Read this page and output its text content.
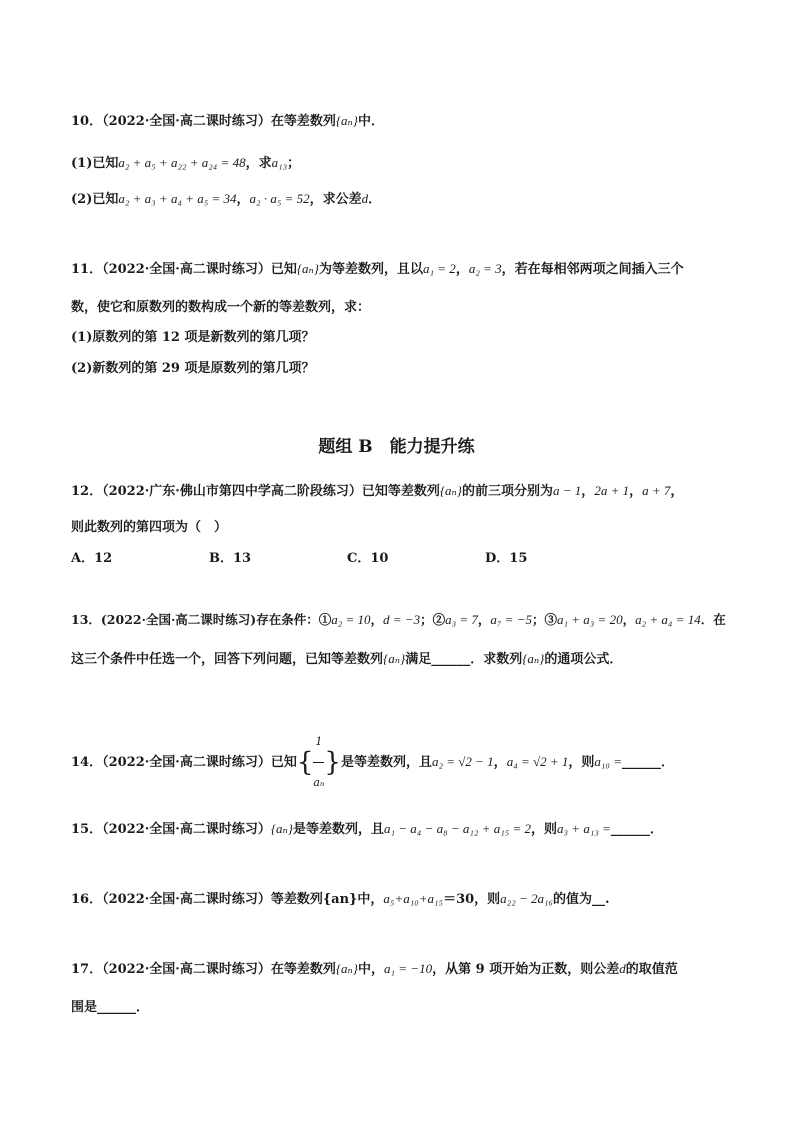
10．（2022·全国·高二课时练习）在等差数列{aₙ}中．
(1)已知a₂ + a₅ + a₂₂ + a₂₄ = 48，求a₁₃；
(2)已知a₂ + a₃ + a₄ + a₅ = 34，a₂ · a₅ = 52，求公差d．
11．（2022·全国·高二课时练习）已知{aₙ}为等差数列，且以a₁ = 2，a₂ = 3，若在每相邻两项之间插入三个
数，使它和原数列的数构成一个新的等差数列，求：
(1)原数列的第 12 项是新数列的第几项？
(2)新数列的第 29 项是原数列的第几项？
题组 B　能力提升练
12．（2022·广东·佛山市第四中学高二阶段练习）已知等差数列{aₙ}的前三项分别为a − 1，2a + 1，a + 7，
则此数列的第四项为（　）
A．12	B．13	C．10	D．15
13．(2022·全国·高二课时练习)存在条件：①a₂ = 10，d = −3；②a₃ = 7，a₇ = −5；③a₁ + a₃ = 20，a₂ + a₄ = 14．在
这三个条件中任选一个，回答下列问题，已知等差数列{aₙ}满足______．求数列{aₙ}的通项公式．
14．（2022·全国·高二课时练习）已知{ $\frac{1}{\text{aₙ}}$ }是等差数列，且a₂ = √2 − 1，a₄ = √2 + 1，则a₁₀ =______．
15．（2022·全国·高二课时练习）{aₙ}是等差数列，且a₁ − a₄ − a₈ − a₁₂ + a₁₅ = 2，则a₃ + a₁₃ =______．
16．（2022·全国·高二课时练习）等差数列{an}中，a₅+a₁₀+a₁₅＝30，则a₂₂ − 2a₁₆的值为__.
17．（2022·全国·高二课时练习）在等差数列{aₙ}中，a₁ = −10，从第 9 项开始为正数，则公差d的取值范
围是______．
